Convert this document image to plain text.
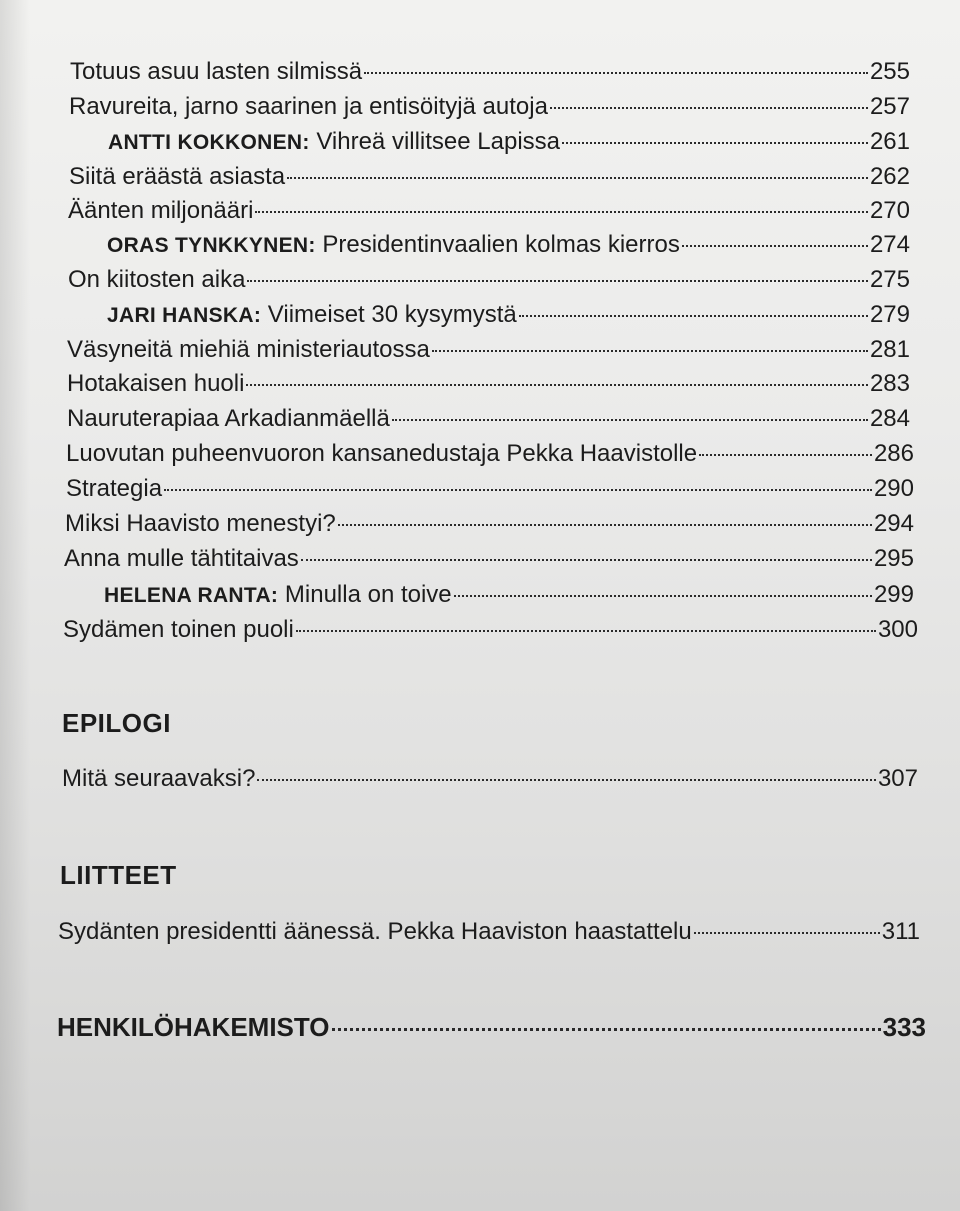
Totuus asuu lasten silmissä	255
Ravureita, jarno saarinen ja entisöityjä autoja	257
ANTTI KOKKONEN: Vihreä villitsee Lapissa	261
Siitä eräästä asiasta	262
Äänten miljonääri	270
ORAS TYNKKYNEN: Presidentinvaalien kolmas kierros	274
On kiitosten aika	275
JARI HANSKA: Viimeiset 30 kysymystä	279
Väsyneitä miehiä ministeriautossa	281
Hotakaisen huoli	283
Nauruterapiaa Arkadianmäellä	284
Luovutan puheenvuoron kansanedustaja Pekka Haavistolle	286
Strategia	290
Miksi Haavisto menestyi?	294
Anna mulle tähtitaivas	295
HELENA RANTA: Minulla on toive	299
Sydämen toinen puoli	300
EPILOGI
Mitä seuraavaksi?	307
LIITTEET
Sydänten presidentti äänessä. Pekka Haaviston haastattelu	311
HENKILÖHAKEMISTO	333
